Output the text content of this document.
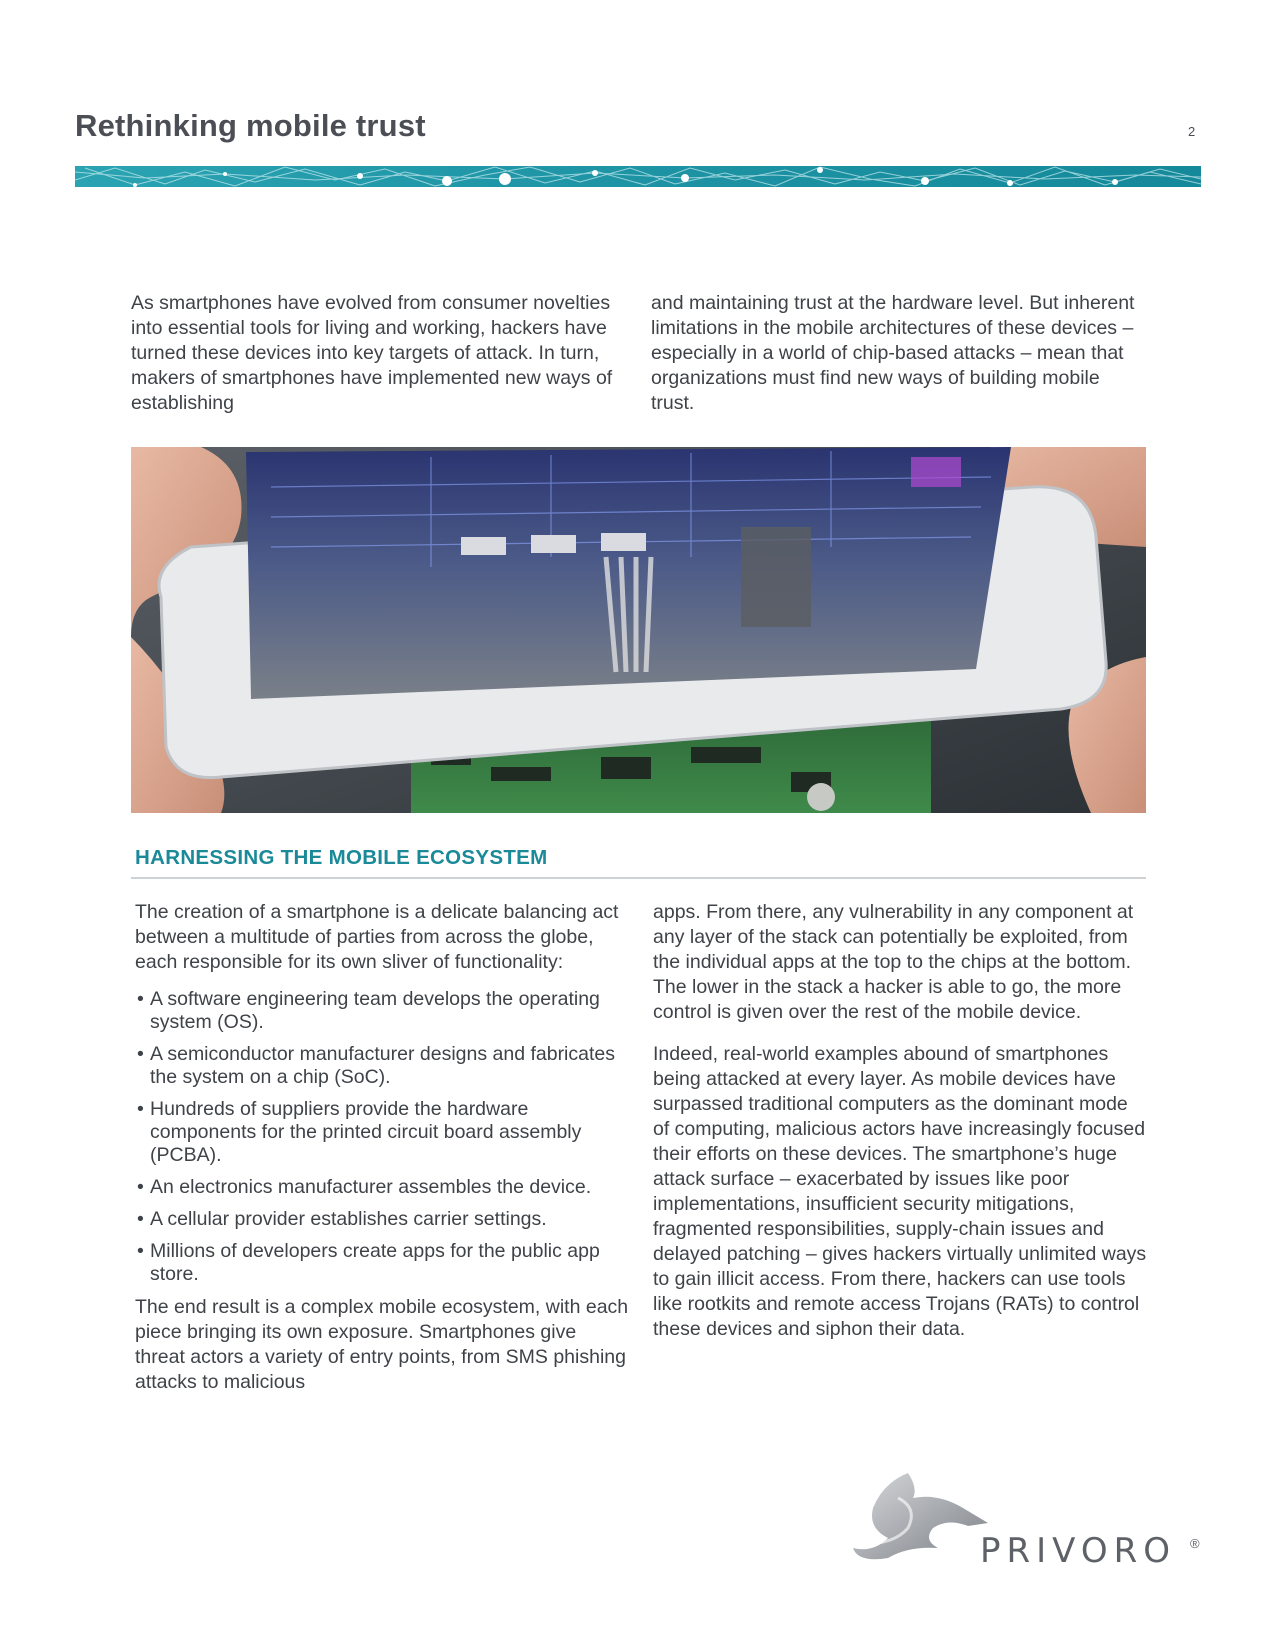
Rethinking mobile trust	2
As smartphones have evolved from consumer novelties into essential tools for living and working, hackers have turned these devices into key targets of attack. In turn, makers of smartphones have implemented new ways of establishing
and maintaining trust at the hardware level. But inherent limitations in the mobile architectures of these devices – especially in a world of chip-based attacks – mean that organizations must find new ways of building mobile trust.
HARNESSING THE MOBILE ECOSYSTEM

The creation of a smartphone is a delicate balancing act between a multitude of parties from across the globe, each responsible for its own sliver of functionality:

• A software engineering team develops the operating system (OS).
• A semiconductor manufacturer designs and fabricates the system on a chip (SoC).
• Hundreds of suppliers provide the hardware components for the printed circuit board assembly (PCBA).
• An electronics manufacturer assembles the device.
• A cellular provider establishes carrier settings.
• Millions of developers create apps for the public app store.

The end result is a complex mobile ecosystem, with each piece bringing its own exposure. Smartphones give threat actors a variety of entry points, from SMS phishing attacks to malicious

apps. From there, any vulnerability in any component at any layer of the stack can potentially be exploited, from the individual apps at the top to the chips at the bottom. The lower in the stack a hacker is able to go, the more control is given over the rest of the mobile device.

Indeed, real-world examples abound of smartphones being attacked at every layer. As mobile devices have surpassed traditional computers as the dominant mode of computing, malicious actors have increasingly focused their efforts on these devices. The smartphone’s huge attack surface – exacerbated by issues like poor implementations, insufficient security mitigations, fragmented responsibilities, supply-chain issues and delayed patching – gives hackers virtually unlimited ways to gain illicit access. From there, hackers can use tools like rootkits and remote access Trojans (RATs) to control these devices and siphon their data.

PRIVORO ®
